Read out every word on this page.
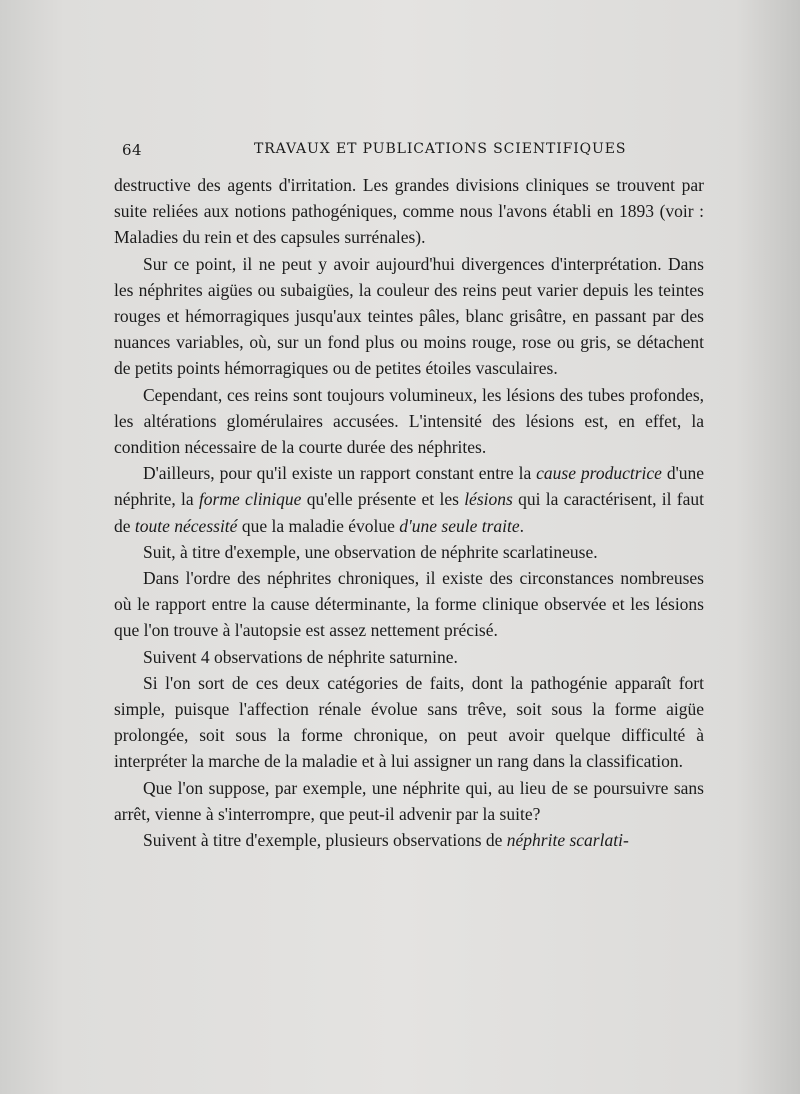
64	TRAVAUX ET PUBLICATIONS SCIENTIFIQUES

destructive des agents d'irritation. Les grandes divisions cliniques se trouvent par suite reliées aux notions pathogéniques, comme nous l'avons établi en 1893 (voir : Maladies du rein et des capsules surrénales).

Sur ce point, il ne peut y avoir aujourd'hui divergences d'interprétation. Dans les néphrites aigües ou subaigües, la couleur des reins peut varier depuis les teintes rouges et hémorragiques jusqu'aux teintes pâles, blanc grisâtre, en passant par des nuances variables, où, sur un fond plus ou moins rouge, rose ou gris, se détachent de petits points hémorragiques ou de petites étoiles vasculaires.

Cependant, ces reins sont toujours volumineux, les lésions des tubes profondes, les altérations glomérulaires accusées. L'intensité des lésions est, en effet, la condition nécessaire de la courte durée des néphrites.

D'ailleurs, pour qu'il existe un rapport constant entre la cause productrice d'une néphrite, la forme clinique qu'elle présente et les lésions qui la caractérisent, il faut de toute nécessité que la maladie évolue d'une seule traite.

Suit, à titre d'exemple, une observation de néphrite scarlatineuse.

Dans l'ordre des néphrites chroniques, il existe des circonstances nombreuses où le rapport entre la cause déterminante, la forme clinique observée et les lésions que l'on trouve à l'autopsie est assez nettement précisé.

Suivent 4 observations de néphrite saturnine.

Si l'on sort de ces deux catégories de faits, dont la pathogénie apparaît fort simple, puisque l'affection rénale évolue sans trêve, soit sous la forme aigüe prolongée, soit sous la forme chronique, on peut avoir quelque difficulté à interpréter la marche de la maladie et à lui assigner un rang dans la classification.

Que l'on suppose, par exemple, une néphrite qui, au lieu de se poursuivre sans arrêt, vienne à s'interrompre, que peut-il advenir par la suite?

Suivent à titre d'exemple, plusieurs observations de néphrite scarlati-
